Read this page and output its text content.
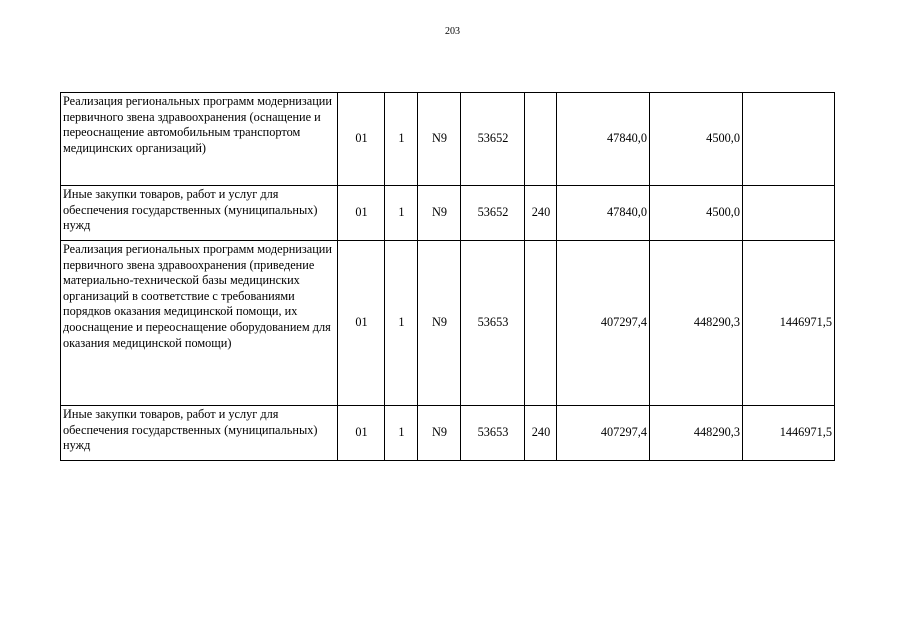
203
Реализация региональных программ модернизации первичного звена здравоохранения (оснащение и переоснащение автомобильным транспортом медицинских организаций)	01	1	N9	53652		47840,0	4500,0	
Иные закупки товаров, работ и услуг для обеспечения государственных (муниципальных) нужд	01	1	N9	53652	240	47840,0	4500,0	
Реализация региональных программ модернизации первичного звена здравоохранения (приведение материально-технической базы медицинских организаций в соответствие с требованиями порядков оказания медицинской помощи, их дооснащение и переоснащение оборудованием для оказания медицинской помощи)	01	1	N9	53653		407297,4	448290,3	1446971,5
Иные закупки товаров, работ и услуг для обеспечения государственных (муниципальных) нужд	01	1	N9	53653	240	407297,4	448290,3	1446971,5
